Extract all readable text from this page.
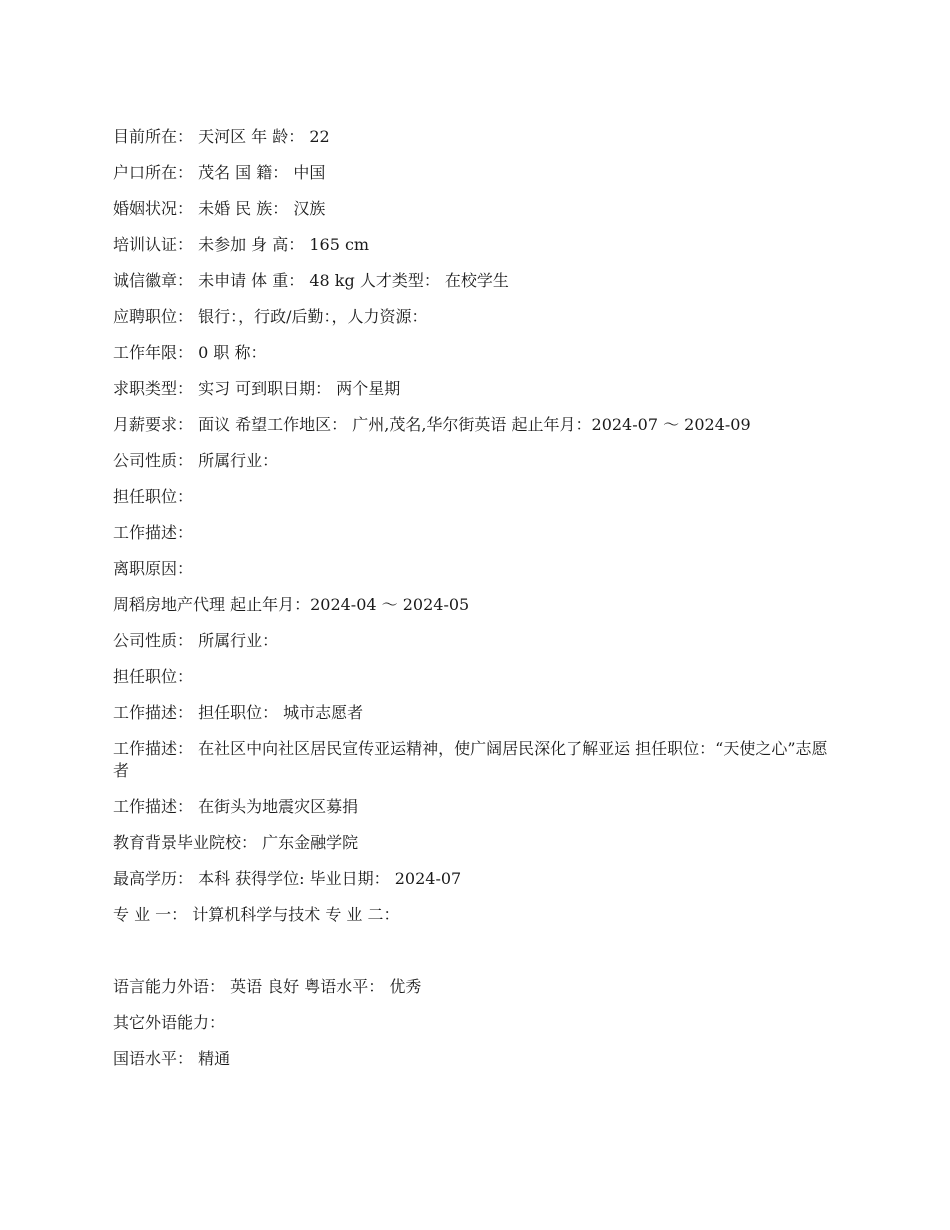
目前所在： 天河区 年 龄： 22
户口所在： 茂名 国 籍： 中国
婚姻状况： 未婚 民 族： 汉族
培训认证： 未参加 身 高： 165 cm
诚信徽章： 未申请 体 重： 48 kg 人才类型： 在校学生
应聘职位： 银行：，行政/后勤：，人力资源：
工作年限： 0 职 称：
求职类型： 实习 可到职日期： 两个星期
月薪要求： 面议 希望工作地区： 广州,茂名,华尔街英语 起止年月：2024-07 ～ 2024-09
公司性质： 所属行业：
担任职位：
工作描述：
离职原因：
周稻房地产代理 起止年月：2024-04 ～ 2024-05
公司性质： 所属行业：
担任职位：
工作描述： 担任职位： 城市志愿者
工作描述： 在社区中向社区居民宣传亚运精神，使广阔居民深化了解亚运 担任职位：“天使之心”志愿者
工作描述： 在街头为地震灾区募捐
教育背景毕业院校： 广东金融学院
最高学历： 本科 获得学位: 毕业日期： 2024-07
专 业 一： 计算机科学与技术 专 业 二：
语言能力外语： 英语 良好 粤语水平： 优秀
其它外语能力：
国语水平： 精通
